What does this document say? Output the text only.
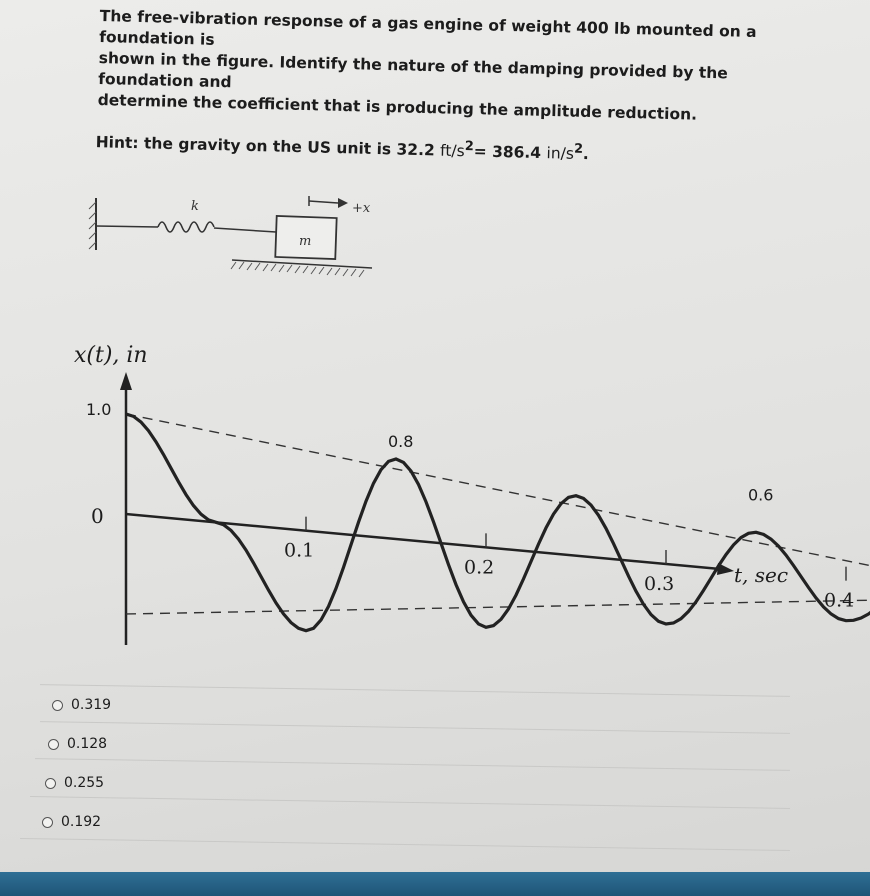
The free-vibration response of a gas engine of weight 400 lb mounted on a foundation is

shown in the figure. Identify the nature of the damping provided by the foundation and

determine the coefficient that is producing the amplitude reduction.

Hint: the gravity on the US unit is 32.2 $ft/s^2= 386.4$ $in/s^2$.
k
m
+x
x(t), in
1.0
0
t, sec
0.1
0.2
0.3
0.4
0.8
0.6
0.319
0.128
0.255
0.192
